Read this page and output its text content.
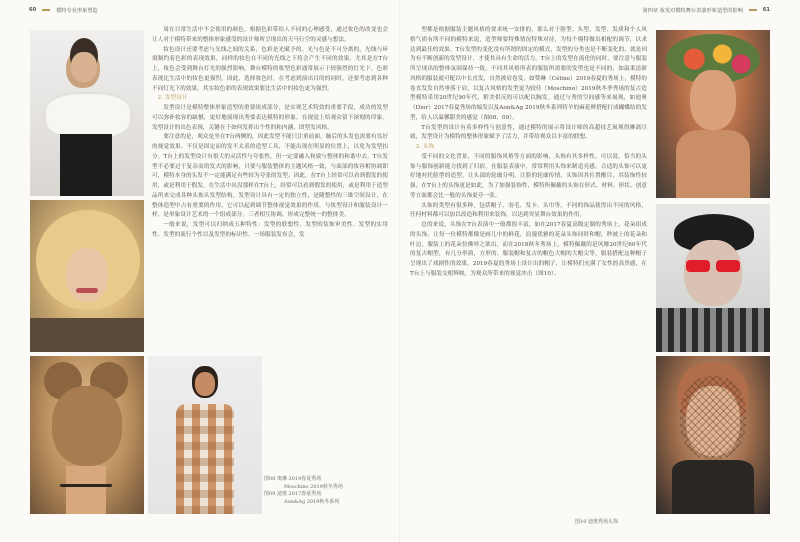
60	模特专业形象塑造	第四章 妆发对模特舞台表演形象造型的影响	61
图08 奥琳 2019春夏秀场
Moschino 2019秋冬秀场
图09 迪奥 2017春夏秀场
Aon&Ag 2019秋冬系列

周在日常生活中不会使用的颜色。根据色彩带给人不同的心理感受，通过妆色的改变也会让人对于模特带来的整体形象感受的设计师所呈现出的天马行空的灵感与想法。

妆色设计还要考虑与光线之间的关系，色彩是光赋予的。光与色是不可分离的，光线与环境制约着色彩的表现效果，同样的妆色在不同的光线之下将会产生不同的效果。尤其是在T台上，妆色会受到舞台灯光的强烈影响，舞台模特的妆型色彩通常展示于较强烈的灯光下，色彩表现比生活中的妆色更强烈。因此，选择妆色时，在考虑到演出目的的同时，还要考虑到各种不同灯光下的效果。其实妆色彩的表现效果要比生活中的妆色更为强烈。

2. 发型设计

发型设计是模特整体形象造型的重要组成部分，是实现艺术特效的重要手段，成功的发型可以弥补妆容的缺憾，更好地展现出秀要表达模特的形象。在视觉上给观众留下深刻的印象。发型设计的出色表现，关键在于如何发挥出个性的和内涵、团型发风格。

要注意的是，观众是坐在T台两侧的，因此发型不能只注重前面，脑后的头发也需要有良好的视觉效果。不仅是固定而的发不太表的造型工具，不能出现在明显的位置上，以免为发型扣分。T台上的发型设计有很大的灵活性与夸张性，但一定要融入和致与整体的和谐中去，T台发型不必要过于复杂而的发式的影响，只要与服装整体的主题风格一致，与面部的妆容相协调即可，模特本身的头发不一定能满足有些较为夸张的发型。因此，在T台上经常可以看到假发的使用，或是利用于假发，在生活中出没那样在T台上，经常可以看到假发的使用，或是利用于造型品所来完成各种头饰头发型结构。发型设计具有一定的独立性，是随整性的三维空间设计，在整体造型中占有重要的作用，它可以起到调节整体视觉效果的作用，与妆型设计和服装设计一样，是形象设计艺术的一个组成部分，三者相互协调，形成完整统一的整体美。

一般来说，发型可以归纳成五种特性：发型的联想性、发型的装饰审美性、发型的实用性、发型的流行个性以及发型的标识性。一场服装发布会，发

型都是根据服装主题风格的要求统一安排的，那么对于脸型、头型、发型、发质和个人风格气质有所不同的模特来说，造型师要特殊情况特殊对待，为每个模特做出相配的调节，以求达到最佳的效果。T台发型的变化没有所谓的固定的模式，发型的分类也是不断变化的，就是因为有不断创新的发型设计，才使其具有生命的活力。T台上的发型在流化的同时，要注意与服装所呈现出的整体氛围保持一致，不同其风格所表的服装所需要的发型也是不同的，如温柔清新风格的服装就可配以中长直发，自然披肩卷发，如赞琳（Céline）2019春夏的秀场上，模特的卷直发发自然垂落于肩，以复古风格的发型更为较佳（Moschino）2019秋冬季秀场的复古造型模特采用20世纪90年代，附美供反的可以配以胸发。通过与秀的空间感等来展现，如迪奥（Dior）2017春夏秀场的编发以及Aon&Ag 2019秋冬系列将羊的麻花辫搭配打成蝴蝶结的发型，给人以温馨甜美的感觉（图08、09）。

T台发型的设计有着多样性与创意性，通过模特的展示将设计师的高超技艺展现得淋漓尽致，发型设计为模特的整体形象赋予了活力，并带给观众以丰富的联想。

3. 头饰

受不同的文化背景，不同的服饰风格等方面的影响，头饰有其多样性。可以说，恰当的头饰与服饰创新能力找到了归宿，在服装表演中，常常利用头饰来制造亮感，合适的头饰可以更好地衬托脸型的造型，让头部的轮廓分明，让脸的轮廓传情，头饰因其位置醒目，其装饰性较强，在T台上的头饰更是如此，为了加强装饰性，模特所佩戴的头饰在形式、材料、形状、创意等方面都会比一般的头饰更夸一张。

头饰的类型有很多种，包括帽子、羽毛、发卡、头巾等，不同的饰品使得出不同的风格，任何材料都可以加以改造和利用来装饰，以达到突显舞台效果的作用。

总的来说，头饰在T台表演中一般都很丰富，如在2017春夏高级定制的秀场上，花朵组成的头饰，让每一位模特都像是画儿中的鲜花，浪漫优雅的花朵头饰同时和帽，秒被上的花朵和叶边，服装上的花朵仿佛呼之欲出，而在2018秋冬秀场上，模特佩戴的是风靡20世纪60年代的复古帽型，有几分形韵，方形的、服装帽和复古的帽色大帽的大帽尖等，服装搭配这种帽子呈现出了戏剧性的效果，2019春夏的秀场上设计出的帽子，让模特们充满了女性的高贵感，在T台上与服装交相辉映，为观众所带来的视觉冲击（图10）。

图10 迪奥秀场头饰
